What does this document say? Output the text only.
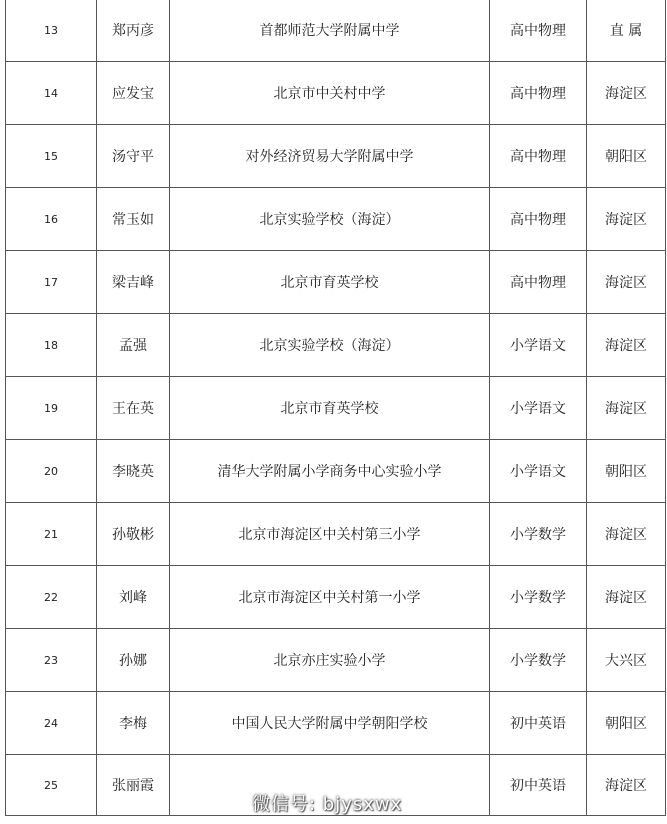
13	郑丙彦	首都师范大学附属中学	高中物理	直 属
14	应发宝	北京市中关村中学	高中物理	海淀区
15	汤守平	对外经济贸易大学附属中学	高中物理	朝阳区
16	常玉如	北京实验学校（海淀）	高中物理	海淀区
17	梁吉峰	北京市育英学校	高中物理	海淀区
18	孟强	北京实验学校（海淀）	小学语文	海淀区
19	王在英	北京市育英学校	小学语文	海淀区
20	李晓英	清华大学附属小学商务中心实验小学	小学语文	朝阳区
21	孙敬彬	北京市海淀区中关村第三小学	小学数学	海淀区
22	刘峰	北京市海淀区中关村第一小学	小学数学	海淀区
23	孙娜	北京亦庄实验小学	小学数学	大兴区
24	李梅	中国人民大学附属中学朝阳学校	初中英语	朝阳区
25	张丽霞		初中英语	海淀区
微信号: bjysxwx
